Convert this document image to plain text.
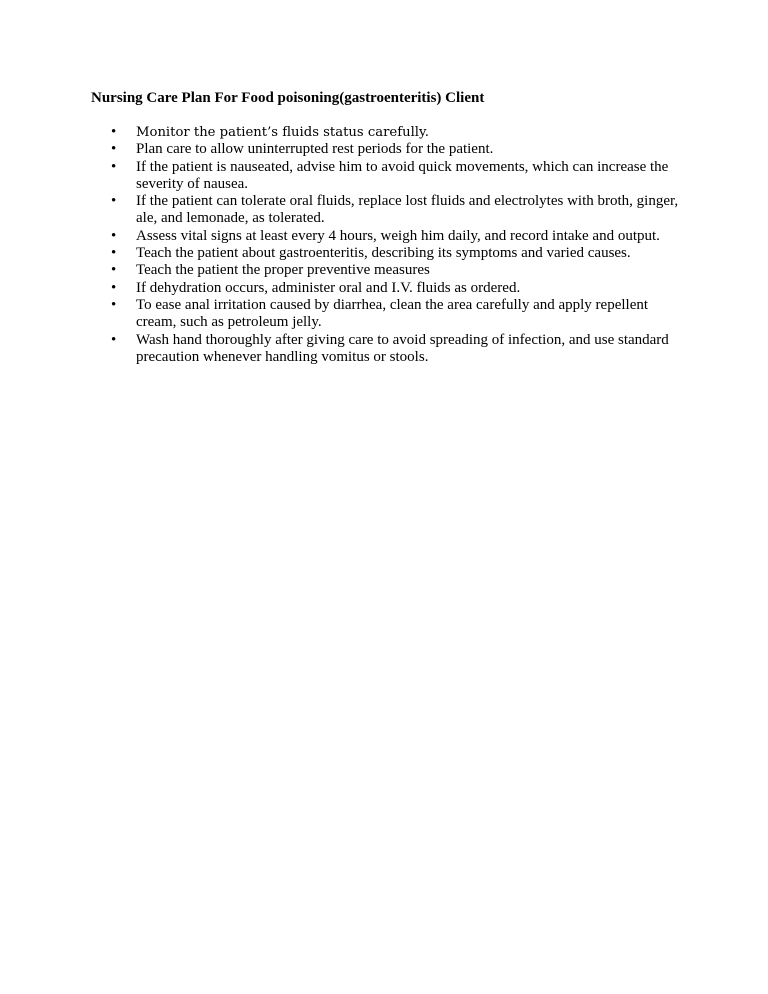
Nursing Care Plan For Food poisoning(gastroenteritis) Client
• Monitor the patient’s fluids status carefully.
• Plan care to allow uninterrupted rest periods for the patient.
• If the patient is nauseated, advise him to avoid quick movements, which can increase the severity of nausea.
• If the patient can tolerate oral fluids, replace lost fluids and electrolytes with broth, ginger, ale, and lemonade, as tolerated.
• Assess vital signs at least every 4 hours, weigh him daily, and record intake and output.
• Teach the patient about gastroenteritis, describing its symptoms and varied causes.
• Teach the patient the proper preventive measures
• If dehydration occurs, administer oral and I.V. fluids as ordered.
• To ease anal irritation caused by diarrhea, clean the area carefully and apply repellent cream, such as petroleum jelly.
• Wash hand thoroughly after giving care to avoid spreading of infection, and use standard precaution whenever handling vomitus or stools.
